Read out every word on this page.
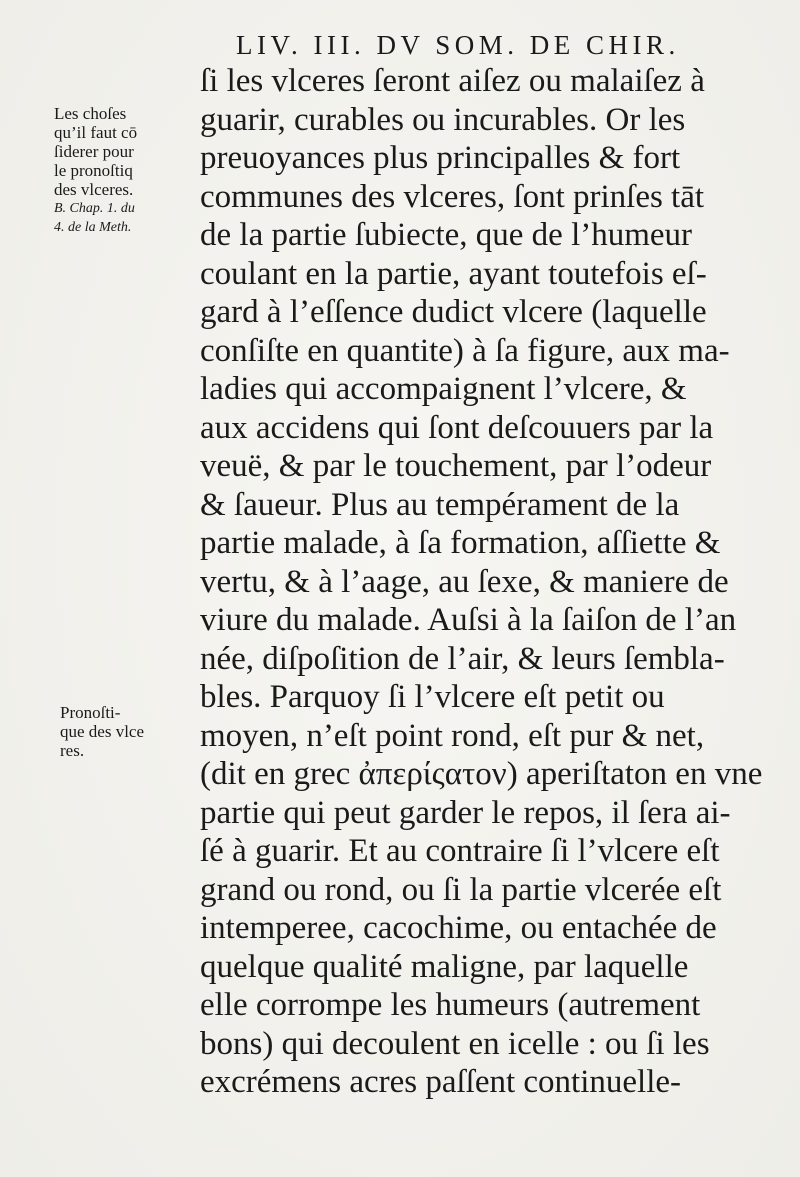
LIV. III. DV SOM. DE CHIR.
ſi les vlceres ſeront aiſez ou malaiſez à
guarir, curables ou incurables. Or les
preuoyances plus principalles & fort
communes des vlceres, ſont prinſes tāt
de la partie ſubiecte, que de l’humeur
coulant en la partie, ayant toutefois eſ-
gard à l’eſſence dudict vlcere (laquelle
conſiſte en quantite) à ſa figure, aux ma-
ladies qui accompaignent l’vlcere, &
aux accidens qui ſont deſcouuers par la
veuë, & par le touchement, par l’odeur
& ſaueur. Plus au tempérament de la
partie malade, à ſa formation, aſſiette &
vertu, & à l’aage, au ſexe, & maniere de
viure du malade. Auſsi à la ſaiſon de l’an
née, diſpoſition de l’air, & leurs ſembla-
bles. Parquoy ſi l’vlcere eſt petit ou
moyen, n’eſt point rond, eſt pur & net,
(dit en grec ἀπερίςατον) aperiſtaton en vne
partie qui peut garder le repos, il ſera ai-
ſé à guarir. Et au contraire ſi l’vlcere eſt
grand ou rond, ou ſi la partie vlcerée eſt
intemperee, cacochime, ou entachée de
quelque qualité maligne, par laquelle
elle corrompe les humeurs (autrement
bons) qui decoulent en icelle : ou ſi les
excrémens acres paſſent continuelle-
Les choſes
qu’il faut cō
ſiderer pour
le pronoſtiq
des vlceres.
B. Chap. 1. du
4. de la Meth.
Pronoſti-
que des vlce
res.
